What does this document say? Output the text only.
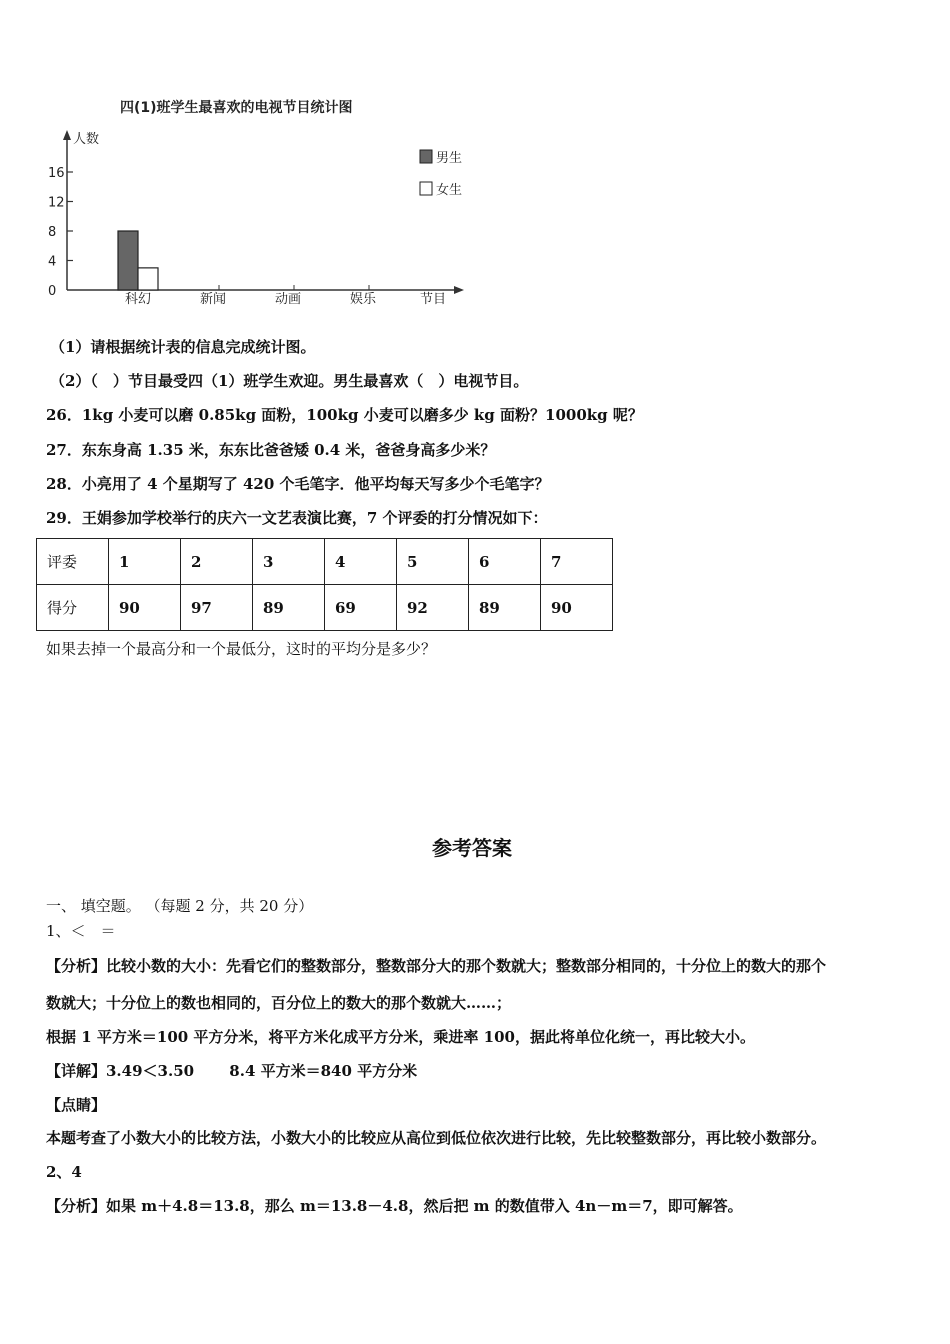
四(1)班学生最喜欢的电视节目统计图
人数
0
4
8
12
16
科幻	新闻	动画	娱乐	节目
男生
女生
（1）请根据统计表的信息完成统计图。
（2）（　）节目最受四（1）班学生欢迎。男生最喜欢（　）电视节目。
26．1kg 小麦可以磨 0.85kg 面粉，100kg 小麦可以磨多少 kg 面粉？1000kg 呢？
27．东东身高 1.35 米，东东比爸爸矮 0.4 米，爸爸身高多少米？
28．小亮用了 4 个星期写了 420 个毛笔字．他平均每天写多少个毛笔字？
29．王娟参加学校举行的庆六一文艺表演比赛，7 个评委的打分情况如下：
评委	1	2	3	4	5	6	7
得分	90	97	89	69	92	89	90
如果去掉一个最高分和一个最低分，这时的平均分是多少？
参考答案
一、 填空题。 （每题 2 分，共 20 分）
1、＜　＝
【分析】比较小数的大小：先看它们的整数部分，整数部分大的那个数就大；整数部分相同的，十分位上的数大的那个
数就大；十分位上的数也相同的，百分位上的数大的那个数就大……；
根据 1 平方米＝100 平方分米，将平方米化成平方分米，乘进率 100，据此将单位化统一，再比较大小。
【详解】3.49＜3.50　　 8.4 平方米＝840 平方分米
【点睛】
本题考查了小数大小的比较方法，小数大小的比较应从高位到低位依次进行比较，先比较整数部分，再比较小数部分。
2、4
【分析】如果 m＋4.8＝13.8，那么 m＝13.8－4.8，然后把 m 的数值带入 4n－m＝7，即可解答。
